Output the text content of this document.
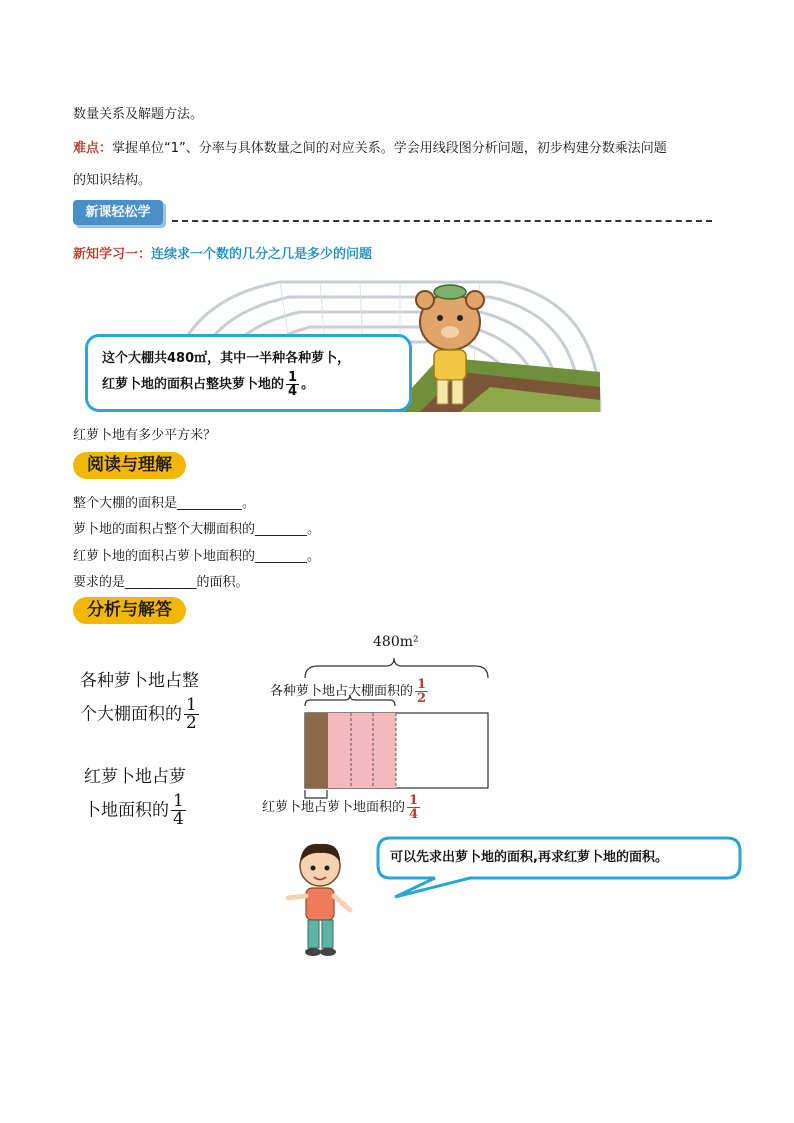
数量关系及解题方法。
难点：掌握单位“1”、分率与具体数量之间的对应关系。学会用线段图分析问题，初步构建分数乘法问题
的知识结构。
新课轻松学
新知学习一：连续求一个数的几分之几是多少的问题
这个大棚共480㎡，其中一半种各种萝卜，
红萝卜地的面积占整块萝卜地的 $\frac{1}{4}$ 。
红萝卜地有多少平方米？
阅读与理解
整个大棚的面积是__________。
萝卜地的面积占整个大棚面积的________。
红萝卜地的面积占萝卜地面积的________。
要求的是___________的面积。
分析与解答
各种萝卜地占整
个大棚面积的 $\frac{1}{2}$
红萝卜地占萝
卜地面积的 $\frac{1}{4}$
480m²
各种萝卜地占大棚面积的 $\frac{1}{2}$
红萝卜地占萝卜地面积的 $\frac{1}{4}$
可以先求出萝卜地的面积,再求红萝卜地的面积。
